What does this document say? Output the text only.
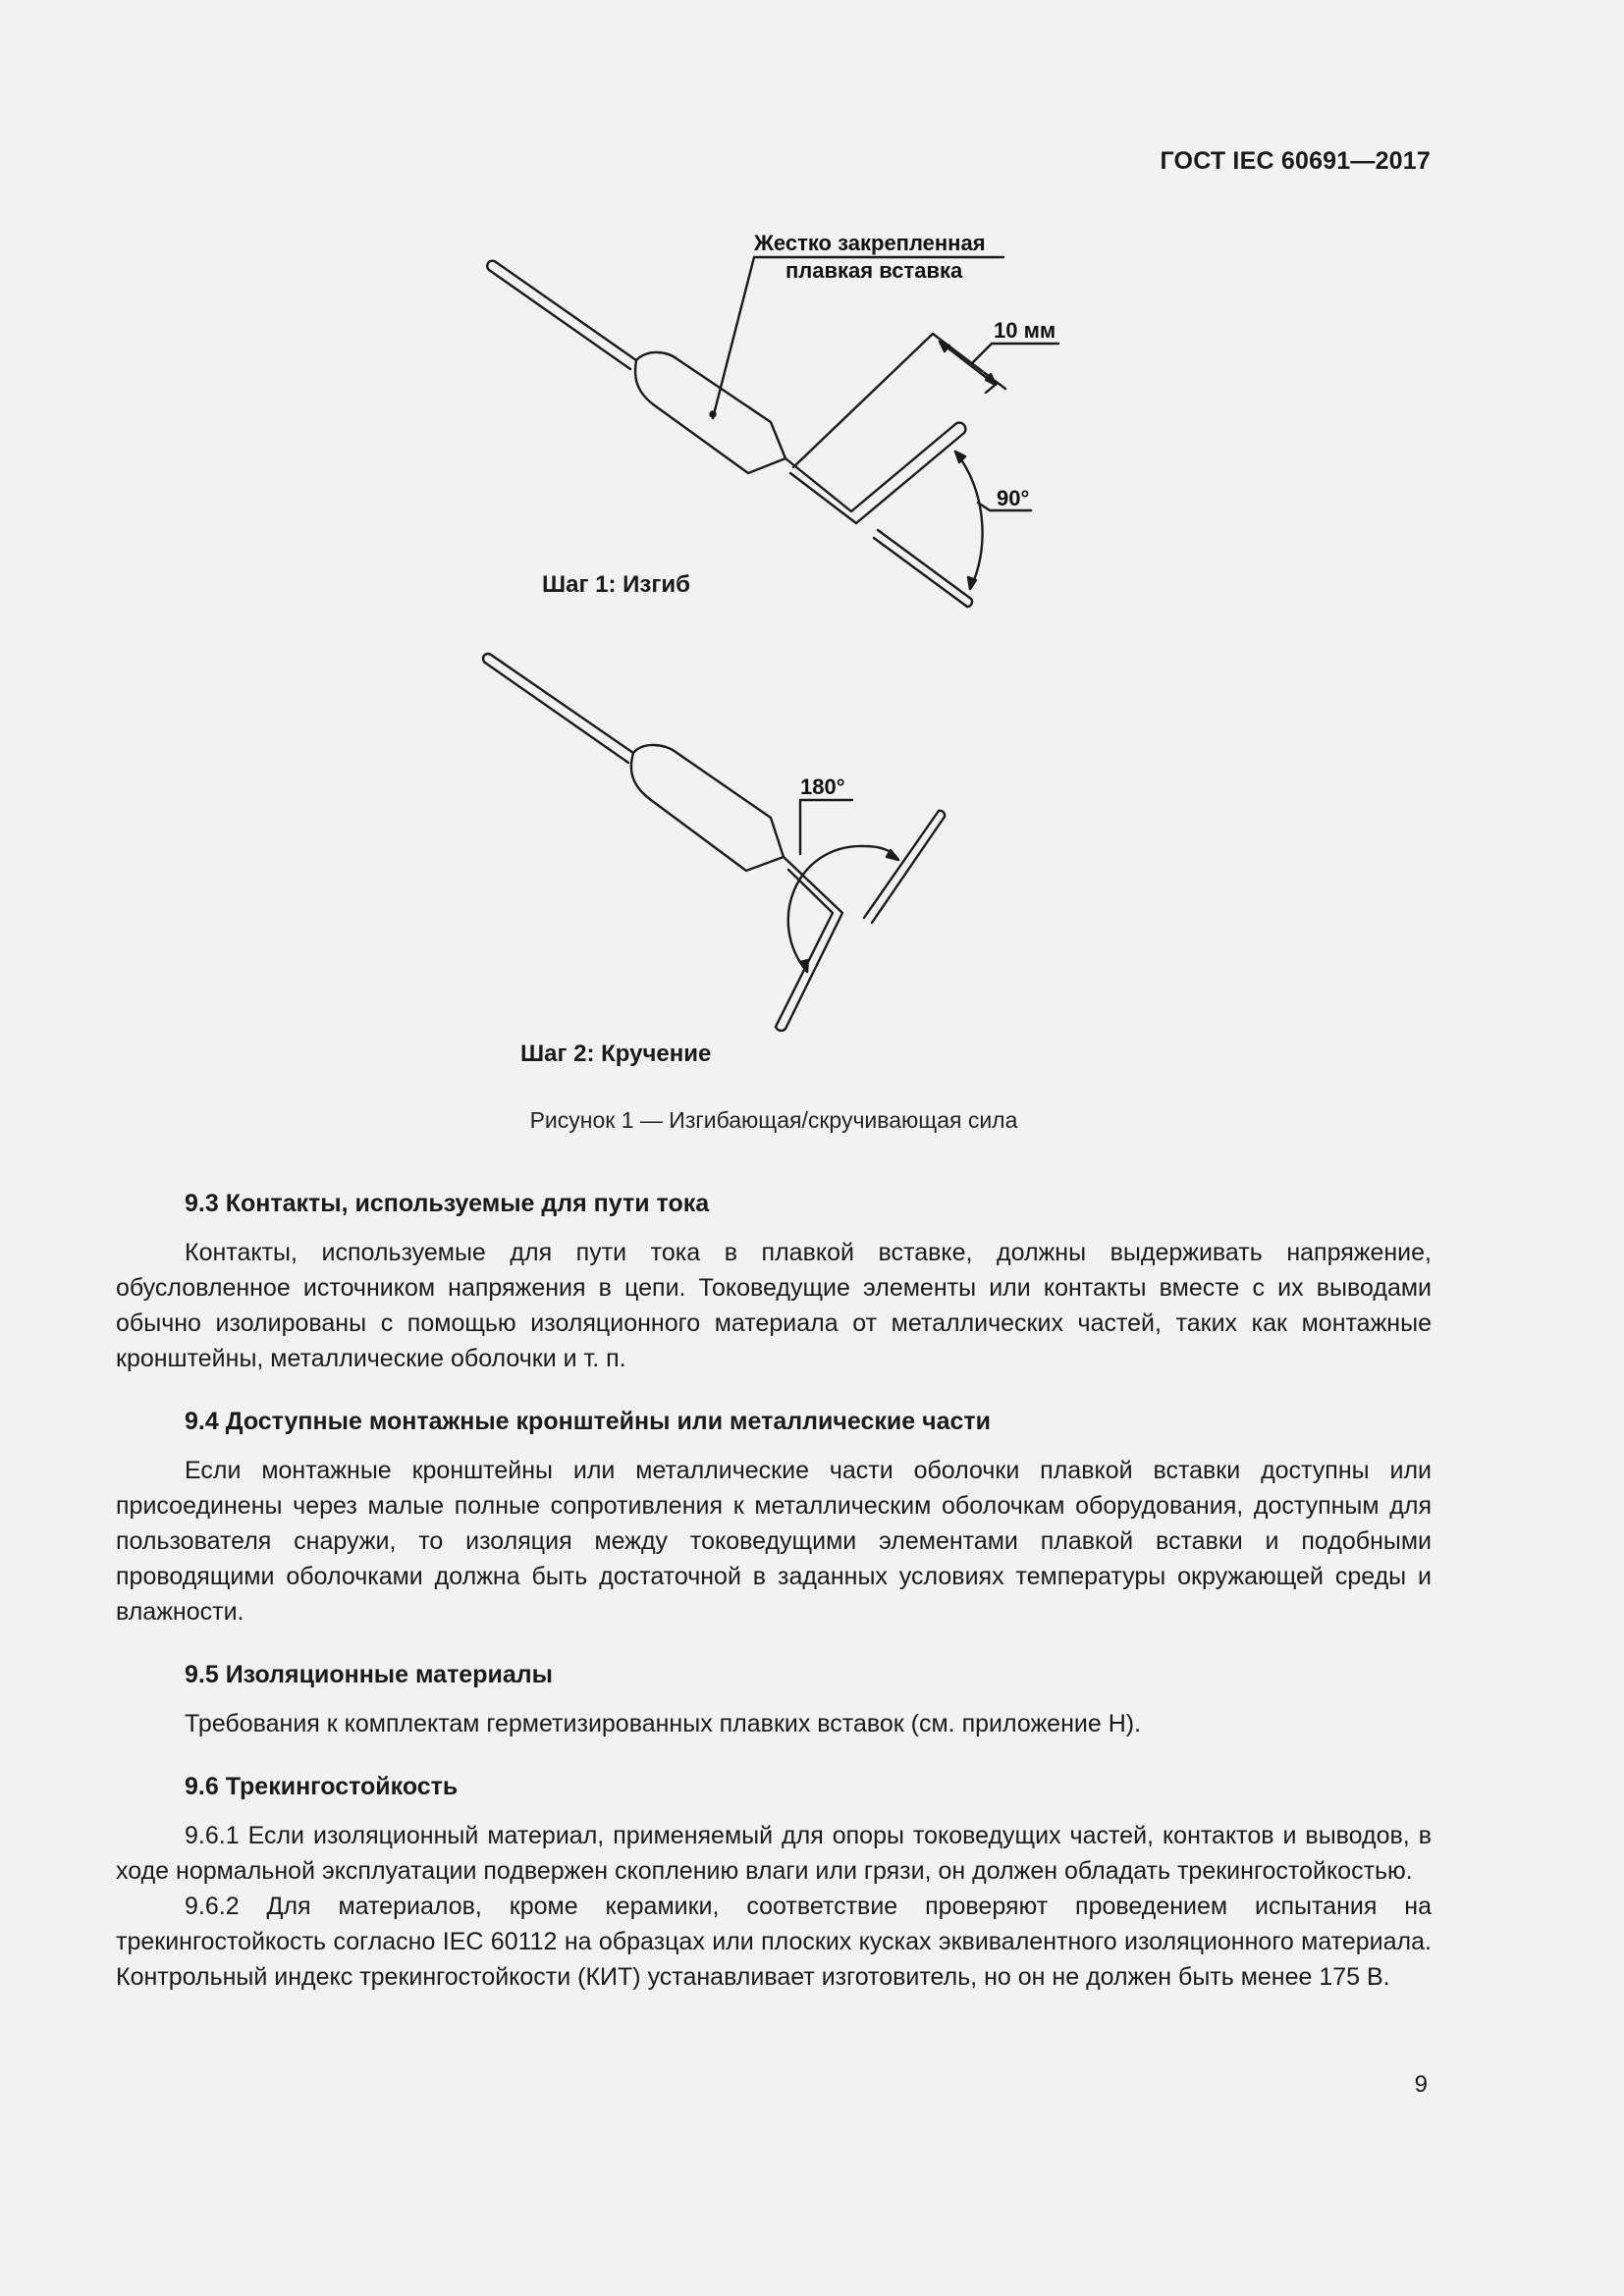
ГОСТ IEC 60691—2017
Жестко закрепленная
плавкая вставка
10 мм
90°
180°
Шаг 1: Изгиб
Шаг 2: Кручение
Рисунок 1 — Изгибающая/скручивающая сила

9.3 Контакты, используемые для пути тока

Контакты, используемые для пути тока в плавкой вставке, должны выдерживать напряжение, обусловленное источником напряжения в цепи. Токоведущие элементы или контакты вместе с их выводами обычно изолированы с помощью изоляционного материала от металлических частей, таких как монтажные кронштейны, металлические оболочки и т. п.

9.4 Доступные монтажные кронштейны или металлические части

Если монтажные кронштейны или металлические части оболочки плавкой вставки доступны или присоединены через малые полные сопротивления к металлическим оболочкам оборудования, доступным для пользователя снаружи, то изоляция между токоведущими элементами плавкой вставки и подобными проводящими оболочками должна быть достаточной в заданных условиях температуры окружающей среды и влажности.

9.5 Изоляционные материалы

Требования к комплектам герметизированных плавких вставок (см. приложение Н).

9.6 Трекингостойкость

9.6.1 Если изоляционный материал, применяемый для опоры токоведущих частей, контактов и выводов, в ходе нормальной эксплуатации подвержен скоплению влаги или грязи, он должен обладать трекингостойкостью.

9.6.2 Для материалов, кроме керамики, соответствие проверяют проведением испытания на трекингостойкость согласно IEC 60112 на образцах или плоских кусках эквивалентного изоляционного материала. Контрольный индекс трекингостойкости (КИТ) устанавливает изготовитель, но он не должен быть менее 175 В.

9
